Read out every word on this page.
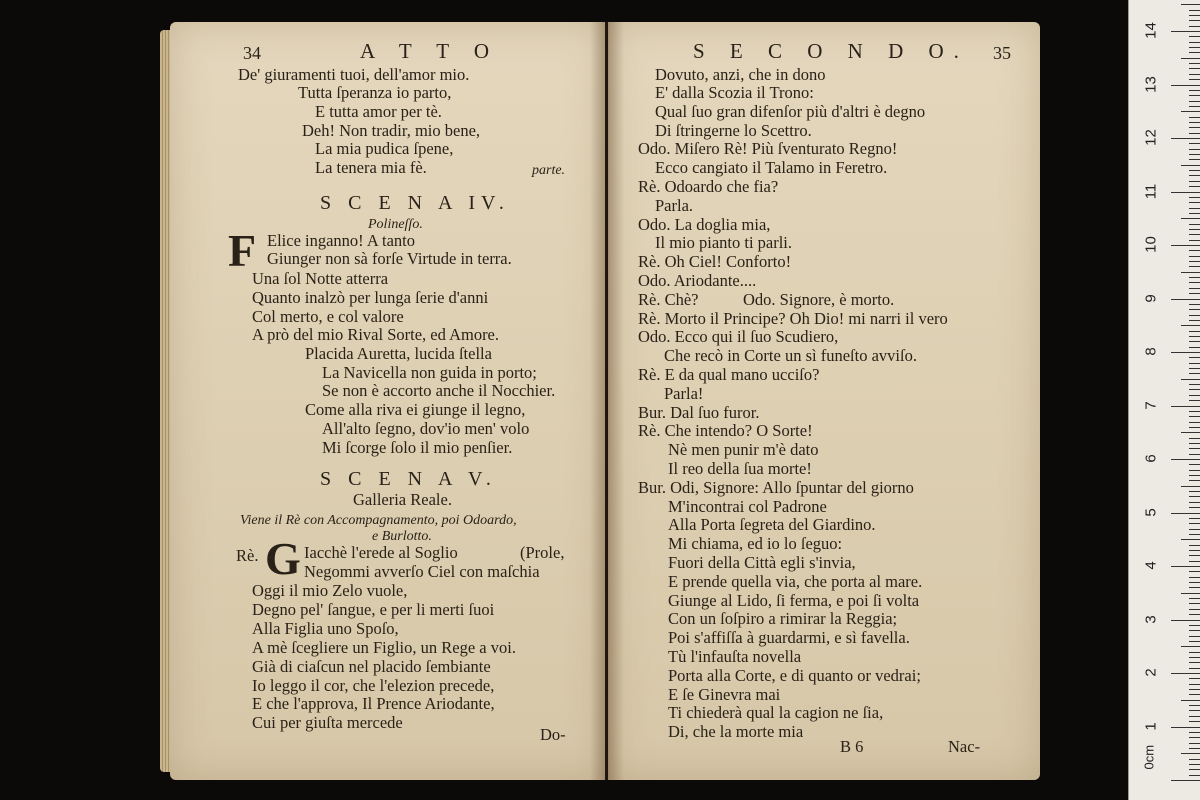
34	A T T O
De' giuramenti tuoi, dell'amor mio.
Tutta ſperanza io parto,
E tutta amor per tè.
Deh! Non tradir, mio bene,
La mia pudica ſpene,
La tenera mia fè.	parte.
S C E N A IV.
Polineſſo.
F Elice inganno! A tanto
Giunger non sà forſe Virtude in terra.
Una ſol Notte atterra
Quanto inalzò per lunga ſerie d'anni
Col merto, e col valore
A prò del mio Rival Sorte, ed Amore.
Placida Auretta, lucida ſtella
La Navicella non guida in porto;
Se non è accorto anche il Nocchier.
Come alla riva ei giunge il legno,
All'alto ſegno, dov'io men' volo
Mi ſcorge ſolo il mio penſier.
S C E N A V.
Galleria Reale.
Viene il Rè con Accompagnamento, poi Odoardo,
e Burlotto.
Rè. G Iacchè l'erede al Soglio	(Prole,
Negommi avverſo Ciel con maſchia
Oggi il mio Zelo vuole,
Degno pel' ſangue, e per li merti ſuoi
Alla Figlia uno Spoſo,
A mè ſcegliere un Figlio, un Rege a voi.
Già di ciaſcun nel placido ſembiante
Io leggo il cor, che l'elezion precede,
E che l'approva, Il Prence Ariodante,
Cui per giuſta mercede
Do-
S E C O N D O. 35
Dovuto, anzi, che in dono
E' dalla Scozia il Trono:
Qual ſuo gran difenſor più d'altri è degno
Di ſtringerne lo Scettro.
Odo. Miſero Rè! Più ſventurato Regno!
Ecco cangiato il Talamo in Feretro.
Rè. Odoardo che fia?
Parla.
Odo. La doglia mia,
Il mio pianto ti parli.
Rè. Oh Ciel! Conforto!
Odo. Ariodante....
Rè. Chè?	Odo. Signore, è morto.
Rè. Morto il Principe? Oh Dio! mi narri il vero
Odo. Ecco qui il ſuo Scudiero,
Che recò in Corte un sì funeſto avviſo.
Rè. E da qual mano ucciſo?
Parla!
Bur. Dal ſuo furor.
Rè. Che intendo? O Sorte!
Nè men punir m'è dato
Il reo della ſua morte!
Bur. Odi, Signore: Allo ſpuntar del giorno
M'incontrai col Padrone
Alla Porta ſegreta del Giardino.
Mi chiama, ed io lo ſeguo:
Fuori della Città egli s'invia,
E prende quella via, che porta al mare.
Giunge al Lido, ſi ferma, e poi ſi volta
Con un ſoſpiro a rimirar la Reggia;
Poi s'affiſſa à guardarmi, e sì favella.
Tù l'infauſta novella
Porta alla Corte, e di quanto or vedrai;
E ſe Ginevra mai
Ti chiederà qual la cagion ne ſia,
Di, che la morte mia
B 6	Nac-
1
2
3
4
5
6
7
8
9
10
11
12
13
14
0cm
